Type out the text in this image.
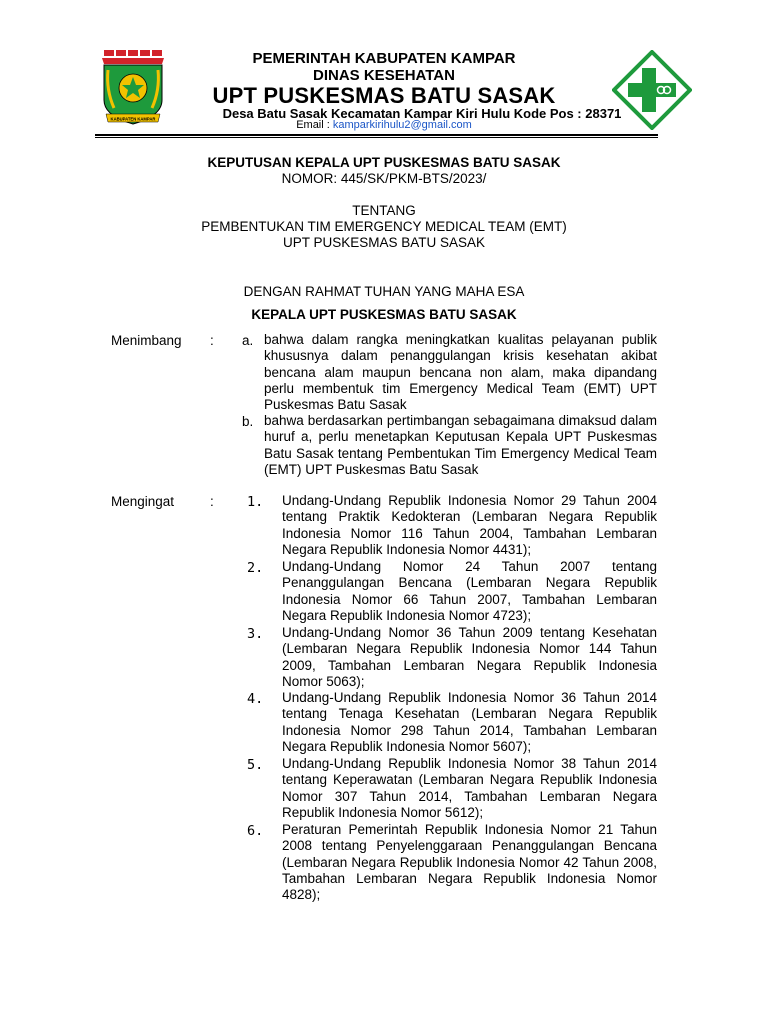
KABUPATEN KAMPAR
PEMERINTAH KABUPATEN KAMPAR
DINAS KESEHATAN
UPT PUSKESMAS BATU SASAK
Desa Batu Sasak Kecamatan Kampar Kiri Hulu Kode Pos : 28371
Email : kamparkirihulu2@gmail.com
KEPUTUSAN KEPALA UPT PUSKESMAS BATU SASAK
NOMOR: 445/SK/PKM-BTS/2023/
TENTANG
PEMBENTUKAN TIM EMERGENCY MEDICAL TEAM (EMT)
UPT PUSKESMAS BATU SASAK
DENGAN RAHMAT TUHAN YANG MAHA ESA
KEPALA UPT PUSKESMAS BATU SASAK
Menimbang : a. bahwa dalam rangka meningkatkan kualitas pelayanan publik khususnya dalam penanggulangan krisis kesehatan akibat bencana alam maupun bencana non alam, maka dipandang perlu membentuk tim Emergency Medical Team (EMT) UPT Puskesmas Batu Sasak

b. bahwa berdasarkan pertimbangan sebagaimana dimaksud dalam huruf a, perlu menetapkan Keputusan Kepala UPT Puskesmas Batu Sasak tentang Pembentukan Tim Emergency Medical Team (EMT) UPT Puskesmas Batu Sasak

Mengingat	: 1. Undang-Undang Republik Indonesia Nomor 29 Tahun 2004 tentang Praktik Kedokteran (Lembaran Negara Republik Indonesia Nomor 116 Tahun 2004, Tambahan Lembaran Negara Republik Indonesia Nomor 4431);

2. Undang-Undang Nomor 24 Tahun 2007 tentang Penanggulangan Bencana (Lembaran Negara Republik Indonesia Nomor 66 Tahun 2007, Tambahan Lembaran Negara Republik Indonesia Nomor 4723);

3. Undang-Undang Nomor 36 Tahun 2009 tentang Kesehatan (Lembaran Negara Republik Indonesia Nomor 144 Tahun 2009, Tambahan Lembaran Negara Republik Indonesia Nomor 5063);

4. Undang-Undang Republik Indonesia Nomor 36 Tahun 2014 tentang Tenaga Kesehatan (Lembaran Negara Republik Indonesia Nomor 298 Tahun 2014, Tambahan Lembaran Negara Republik Indonesia Nomor 5607);

5. Undang-Undang Republik Indonesia Nomor 38 Tahun 2014 tentang Keperawatan (Lembaran Negara Republik Indonesia Nomor 307 Tahun 2014, Tambahan Lembaran Negara Republik Indonesia Nomor 5612);

6. Peraturan Pemerintah Republik Indonesia Nomor 21 Tahun 2008 tentang Penyelenggaraan Penanggulangan Bencana (Lembaran Negara Republik Indonesia Nomor 42 Tahun 2008, Tambahan Lembaran Negara Republik Indonesia Nomor 4828);
